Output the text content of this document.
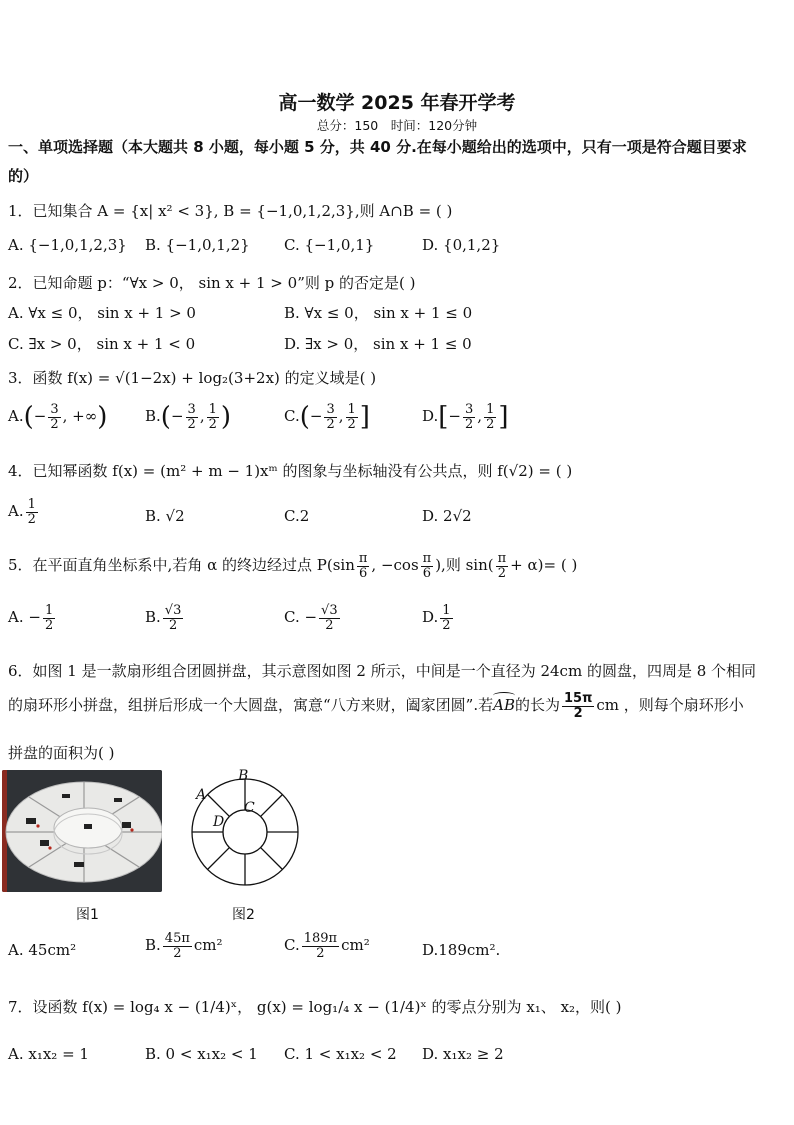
高一数学 2025 年春开学考
总分：150　时间：120分钟
一、单项选择题（本大题共 8 小题，每小题 5 分，共 40 分.在每小题给出的选项中，只有一项是符合题目要求
的）
1．已知集合 A = {x| x² < 3}, B = {−1,0,1,2,3},则 A∩B = ( )
A. {−1,0,1,2,3} B. {−1,0,1,2} C. {−1,0,1}	D. {0,1,2}
2．已知命题 p：“∀x > 0， sin x + 1 > 0”则 p 的否定是( )
A. ∀x ≤ 0， sin x + 1 > 0	B. ∀x ≤ 0， sin x + 1 ≤ 0
C. ∃x > 0， sin x + 1 < 0	D. ∃x > 0， sin x + 1 ≤ 0
3．函数 f(x) = √(1−2x) + log₂(3+2x) 的定义域是( )
$A.(- \frac{3}{2}$ , +∞)	$B.(- \frac{3}{2}$ , $\frac{1}{2}$ )	$C.(- \frac{3}{2}$ , $\frac{1}{2}$ ]	$D.[- \frac{3}{2}$ , $\frac{1}{2}$ ]
4．已知幂函数 f(x) = (m² + m − 1)xᵐ 的图象与坐标轴没有公共点，则 f(√2) = ( )
A. $\frac{1}{2}$	B. √2	C.2	D. 2√2
5．在平面直角坐标系中,若角 α 的终边经过点 $P(\sin \frac{\pi}{6}$ , $-\cos \frac{\pi}{6}$ ),则 $\sin( \frac{\pi}{2} + \alpha)=$ ( )
A. − $\frac{1}{2}$	B. $\frac{√3}{2}$	C. − $\frac{√3}{2}$	D. $\frac{1}{2}$
6．如图 1 是一款扇形组合团圆拼盘，其示意图如图 2 所示，中间是一个直径为 24cm 的圆盘，四周是 8 个相同
的扇环形小拼盘，组拼后形成一个大圆盘，寓意“八方来财，阖家团圆”.若
AB的长为 $\frac{15\pi}{2}$ cm ，则每个扇环形小
拼盘的面积为( )
图1
B
A
C
D
图2
A. 45cm²	B. $\frac{45\pi}{2} cm^2$	C. $\frac{189\pi}{2} cm^2$	D.189cm².
7．设函数 f(x) = log₄ x − (1/4)ˣ， g(x) = log₁/₄ x − (1/4)ˣ 的零点分别为 x₁、 x₂，则( )
A. x₁x₂ = 1	B. 0 < x₁x₂ < 1 C. 1 < x₁x₂ < 2 D. x₁x₂ ≥ 2
